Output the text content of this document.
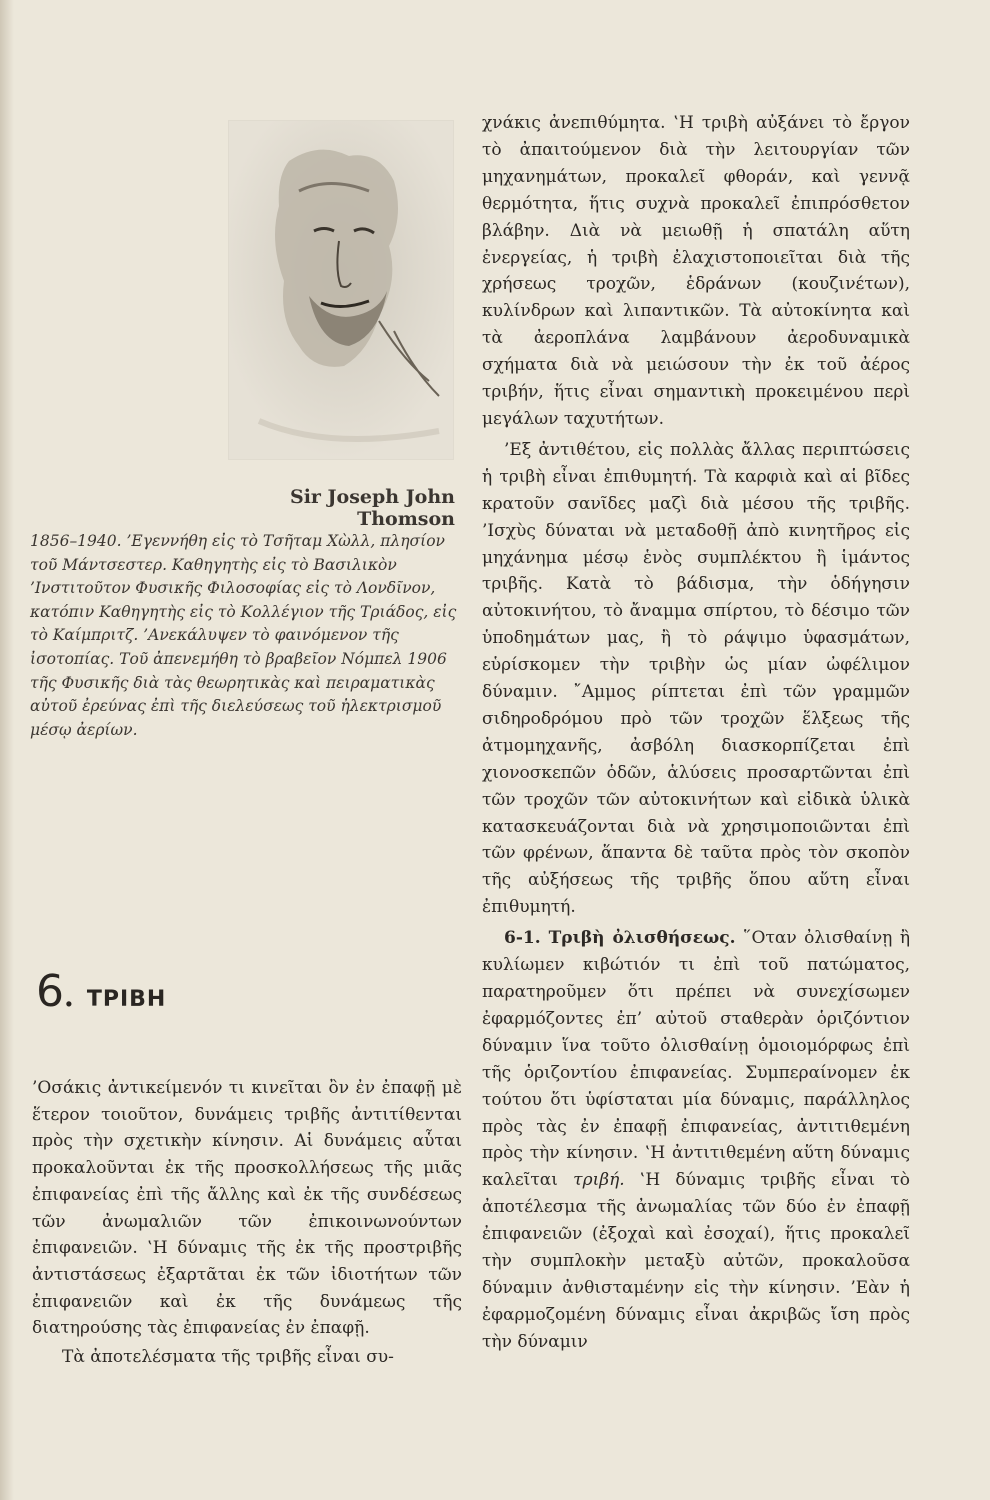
Sir Joseph John Thomson

1856–1940. ’Εγεννήθη εἰς τὸ Τσῆταμ Χὼλλ, πλησίον τοῦ Μάντσεστερ. Καθηγητὴς εἰς τὸ Βασιλικὸν ’Ινστιτοῦτον Φυσικῆς Φιλοσοφίας εἰς τὸ Λονδῖνον, κατόπιν Καθηγητὴς εἰς τὸ Κολλέγιον τῆς Τριάδος, εἰς τὸ Καίμπριτζ. ’Ανεκάλυψεν τὸ φαινόμενον τῆς ἰσοτοπίας. Τοῦ ἀπενεμήθη τὸ βραβεῖον Νόμπελ 1906 τῆς Φυσικῆς διὰ τὰς θεωρητικὰς καὶ πειραματικὰς αὐτοῦ ἐρεύνας ἐπὶ τῆς διελεύσεως τοῦ ἠλεκτρισμοῦ μέσῳ ἀερίων.

6. ΤΡΙΒΗ

’Οσάκις ἀντικείμενόν τι κινεῖται ὂν ἐν ἐπαφῇ μὲ ἕτερον τοιοῦτον, δυνάμεις τριβῆς ἀντιτίθενται πρὸς τὴν σχετικὴν κίνησιν. Αἱ δυνάμεις αὗται προκαλοῦνται ἐκ τῆς προσκολλήσεως τῆς μιᾶς ἐπιφανείας ἐπὶ τῆς ἄλλης καὶ ἐκ τῆς συνδέσεως τῶν ἀνωμαλιῶν τῶν ἐπικοινωνούντων ἐπιφανειῶν. ‛Η δύναμις τῆς ἐκ τῆς προστριβῆς ἀντιστάσεως ἐξαρτᾶται ἐκ τῶν ἰδιοτήτων τῶν ἐπιφανειῶν καὶ ἐκ τῆς δυνάμεως τῆς διατηρούσης τὰς ἐπιφανείας ἐν ἐπαφῇ.

Τὰ ἀποτελέσματα τῆς τριβῆς εἶναι συ-

χνάκις ἀνεπιθύμητα. ‛Η τριβὴ αὐξάνει τὸ ἔργον τὸ ἀπαιτούμενον διὰ τὴν λειτουργίαν τῶν μηχανημάτων, προκαλεῖ φθοράν, καὶ γεννᾷ θερμότητα, ἥτις συχνὰ προκαλεῖ ἐπιπρόσθετον βλάβην. Διὰ νὰ μειωθῇ ἡ σπατάλη αὕτη ἐνεργείας, ἡ τριβὴ ἐλαχιστοποιεῖται διὰ τῆς χρήσεως τροχῶν, ἑδράνων (κουζινέτων), κυλίνδρων καὶ λιπαντικῶν. Τὰ αὐτοκίνητα καὶ τὰ ἀεροπλάνα λαμβάνουν ἀεροδυναμικὰ σχήματα διὰ νὰ μειώσουν τὴν ἐκ τοῦ ἀέρος τριβήν, ἥτις εἶναι σημαντικὴ προκειμένου περὶ μεγάλων ταχυτήτων.

’Εξ ἀντιθέτου, εἰς πολλὰς ἄλλας περιπτώσεις ἡ τριβὴ εἶναι ἐπιθυμητή. Τὰ καρφιὰ καὶ αἱ βῖδες κρατοῦν σανῖδες μαζὶ διὰ μέσου τῆς τριβῆς. ’Ισχὺς δύναται νὰ μεταδοθῇ ἀπὸ κινητῆρος εἰς μηχάνημα μέσῳ ἑνὸς συμπλέκτου ἢ ἱμάντος τριβῆς. Κατὰ τὸ βάδισμα, τὴν ὁδήγησιν αὐτοκινήτου, τὸ ἄναμμα σπίρτου, τὸ δέσιμο τῶν ὑποδημάτων μας, ἢ τὸ ράψιμο ὑφασμάτων, εὑρίσκομεν τὴν τριβὴν ὡς μίαν ὠφέλιμον δύναμιν. ῎Αμμος ρίπτεται ἐπὶ τῶν γραμμῶν σιδηροδρόμου πρὸ τῶν τροχῶν ἕλξεως τῆς ἀτμομηχανῆς, ἀσβόλη διασκορπίζεται ἐπὶ χιονοσκεπῶν ὁδῶν, ἁλύσεις προσαρτῶνται ἐπὶ τῶν τροχῶν τῶν αὐτοκινήτων καὶ εἰδικὰ ὑλικὰ κατασκευάζονται διὰ νὰ χρησιμοποιῶνται ἐπὶ τῶν φρένων, ἅπαντα δὲ ταῦτα πρὸς τὸν σκοπὸν τῆς αὐξήσεως τῆς τριβῆς ὅπου αὕτη εἶναι ἐπιθυμητή.

6-1. Τριβὴ ὀλισθήσεως. ῞Οταν ὀλισθαίνῃ ἢ κυλίωμεν κιβώτιόν τι ἐπὶ τοῦ πατώματος, παρατηροῦμεν ὅτι πρέπει νὰ συνεχίσωμεν ἐφαρμόζοντες ἐπ’ αὐτοῦ σταθερὰν ὁριζόντιον δύναμιν ἵνα τοῦτο ὀλισθαίνῃ ὁμοιομόρφως ἐπὶ τῆς ὁριζοντίου ἐπιφανείας. Συμπεραίνομεν ἐκ τούτου ὅτι ὑφίσταται μία δύναμις, παράλληλος πρὸς τὰς ἐν ἐπαφῇ ἐπιφανείας, ἀντιτιθεμένη πρὸς τὴν κίνησιν. ‛Η ἀντιτιθεμένη αὕτη δύναμις καλεῖται τριβή. ‛Η δύναμις τριβῆς εἶναι τὸ ἀποτέλεσμα τῆς ἀνωμαλίας τῶν δύο ἐν ἐπαφῇ ἐπιφανειῶν (ἐξοχαὶ καὶ ἐσοχαί), ἥτις προκαλεῖ τὴν συμπλοκὴν μεταξὺ αὐτῶν, προκαλοῦσα δύναμιν ἀνθισταμένην εἰς τὴν κίνησιν. ’Εὰν ἡ ἐφαρμοζομένη δύναμις εἶναι ἀκριβῶς ἴση πρὸς τὴν δύναμιν
